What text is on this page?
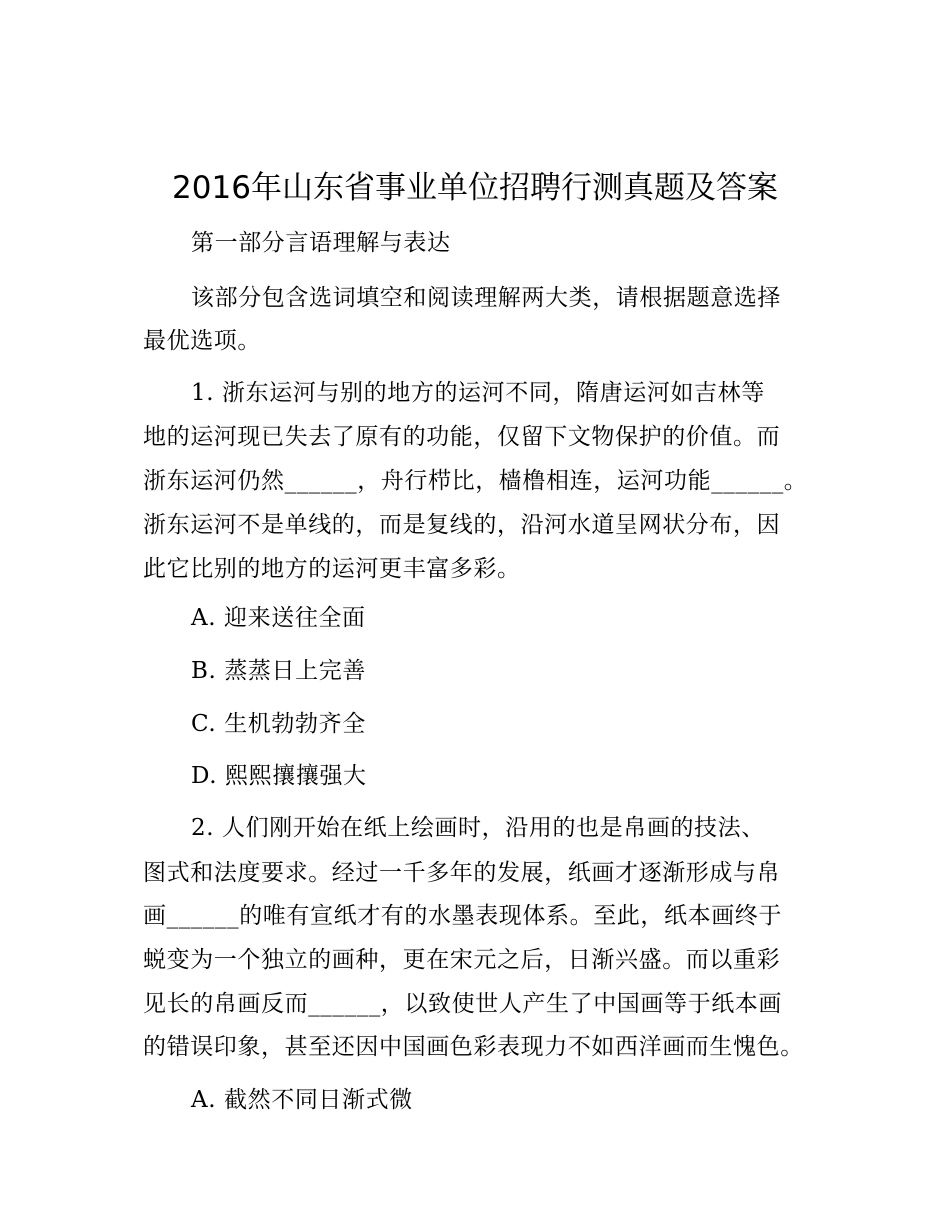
2016年山东省事业单位招聘行测真题及答案
第一部分言语理解与表达
该部分包含选词填空和阅读理解两大类，请根据题意选择
最优选项。
1. 浙东运河与别的地方的运河不同，隋唐运河如吉林等
地的运河现已失去了原有的功能，仅留下文物保护的价值。而
浙东运河仍然______，舟行栉比，樯橹相连，运河功能______。
浙东运河不是单线的，而是复线的，沿河水道呈网状分布，因
此它比别的地方的运河更丰富多彩。
A. 迎来送往全面
B. 蒸蒸日上完善
C. 生机勃勃齐全
D. 熙熙攘攘强大
2. 人们刚开始在纸上绘画时，沿用的也是帛画的技法、
图式和法度要求。经过一千多年的发展，纸画才逐渐形成与帛
画______的唯有宣纸才有的水墨表现体系。至此，纸本画终于
蜕变为一个独立的画种，更在宋元之后，日渐兴盛。而以重彩
见长的帛画反而______，以致使世人产生了中国画等于纸本画
的错误印象，甚至还因中国画色彩表现力不如西洋画而生愧色。
A. 截然不同日渐式微
